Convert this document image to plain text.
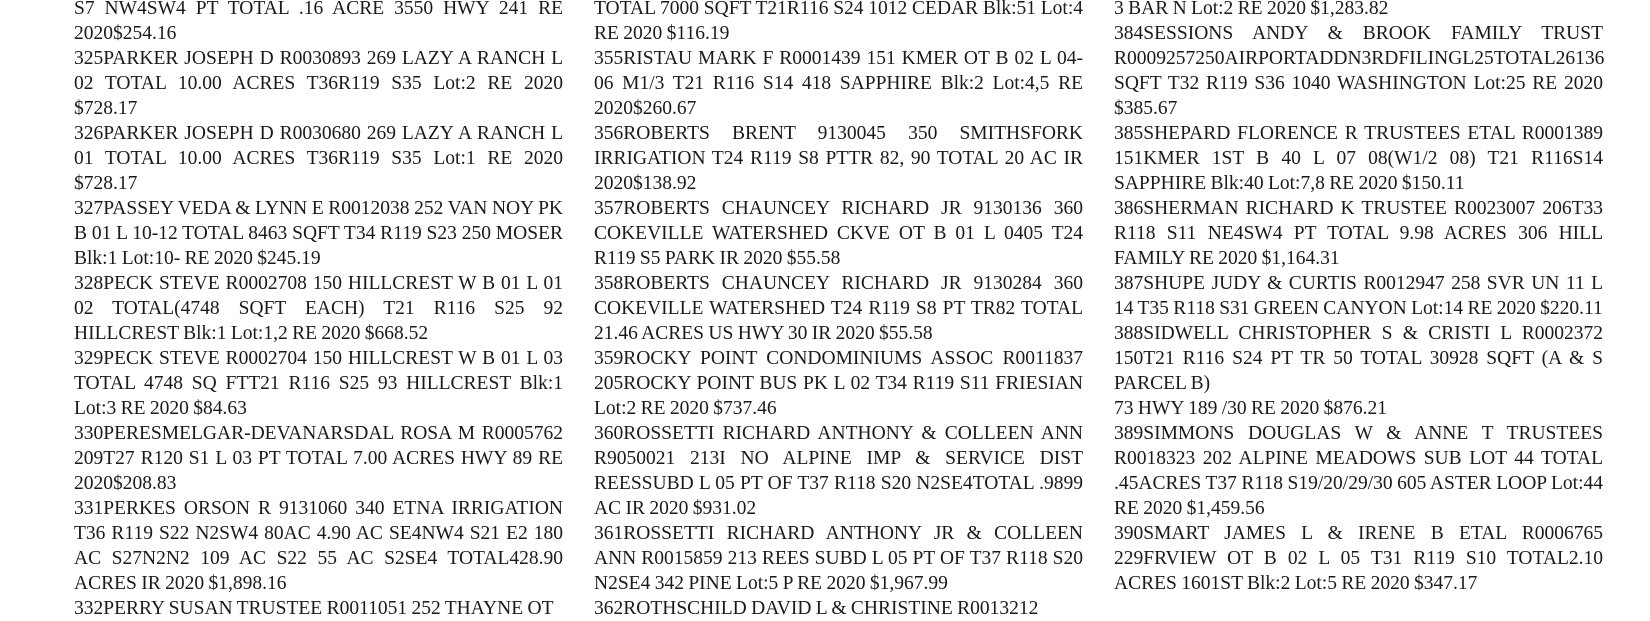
S7 NW4SW4 PT TOTAL .16 ACRE 3550 HWY 241 RE 2020$254.16

325PARKER JOSEPH D R0030893 269 LAZY A RANCH L 02 TOTAL 10.00 ACRES T36R119 S35 Lot:2 RE 2020 $728.17

326PARKER JOSEPH D R0030680 269 LAZY A RANCH L 01 TOTAL 10.00 ACRES T36R119 S35 Lot:1 RE 2020 $728.17

327PASSEY VEDA & LYNN E R0012038 252 VAN NOY PK B 01 L 10-12 TOTAL 8463 SQFT T34 R119 S23 250 MOSER Blk:1 Lot:10- RE 2020 $245.19

328PECK STEVE R0002708 150 HILLCREST W B 01 L 01 02 TOTAL(4748 SQFT EACH) T21 R116 S25 92 HILLCREST Blk:1 Lot:1,2 RE 2020 $668.52

329PECK STEVE R0002704 150 HILLCREST W B 01 L 03 TOTAL 4748 SQ FTT21 R116 S25 93 HILLCREST Blk:1 Lot:3 RE 2020 $84.63

330PERESMELGAR-DEVANARSDAL ROSA M R0005762 209T27 R120 S1 L 03 PT TOTAL 7.00 ACRES HWY 89 RE 2020$208.83

331PERKES ORSON R 9131060 340 ETNA IRRIGATION T36 R119 S22 N2SW4 80AC 4.90 AC SE4NW4 S21 E2 180 AC S27N2N2 109 AC S22 55 AC S2SE4 TOTAL428.90 ACRES IR 2020 $1,898.16

332PERRY SUSAN TRUSTEE R0011051 252 THAYNE OT

TOTAL 7000 SQFT T21R116 S24 1012 CEDAR Blk:51 Lot:4 RE 2020 $116.19

355RISTAU MARK F R0001439 151 KMER OT B 02 L 04-06 M1/3 T21 R116 S14 418 SAPPHIRE Blk:2 Lot:4,5 RE 2020$260.67

356ROBERTS BRENT 9130045 350 SMITHSFORK IRRIGATION T24 R119 S8 PTTR 82, 90 TOTAL 20 AC IR 2020$138.92

357ROBERTS CHAUNCEY RICHARD JR 9130136 360 COKEVILLE WATERSHED CKVE OT B 01 L 0405 T24 R119 S5 PARK IR 2020 $55.58

358ROBERTS CHAUNCEY RICHARD JR 9130284 360 COKEVILLE WATERSHED T24 R119 S8 PT TR82 TOTAL 21.46 ACRES US HWY 30 IR 2020 $55.58

359ROCKY POINT CONDOMINIUMS ASSOC R0011837 205ROCKY POINT BUS PK L 02 T34 R119 S11 FRIESIAN Lot:2 RE 2020 $737.46

360ROSSETTI RICHARD ANTHONY & COLLEEN ANN R9050021 213I NO ALPINE IMP & SERVICE DIST REESSUBD L 05 PT OF T37 R118 S20 N2SE4TOTAL .9899 AC IR 2020 $931.02

361ROSSETTI RICHARD ANTHONY JR & COLLEEN ANN R0015859 213 REES SUBD L 05 PT OF T37 R118 S20 N2SE4 342 PINE Lot:5 P RE 2020 $1,967.99

362ROTHSCHILD DAVID L & CHRISTINE R0013212

3 BAR N Lot:2 RE 2020 $1,283.82

384SESSIONS ANDY & BROOK FAMILY TRUST R0009257250AIRPORTADDN3RDFILINGL25TOTAL26136 SQFT T32 R119 S36 1040 WASHINGTON Lot:25 RE 2020 $385.67

385SHEPARD FLORENCE R TRUSTEES ETAL R0001389 151KMER 1ST B 40 L 07 08(W1/2 08) T21 R116S14 SAPPHIRE Blk:40 Lot:7,8 RE 2020 $150.11

386SHERMAN RICHARD K TRUSTEE R0023007 206T33 R118 S11 NE4SW4 PT TOTAL 9.98 ACRES 306 HILL FAMILY RE 2020 $1,164.31

387SHUPE JUDY & CURTIS R0012947 258 SVR UN 11 L 14 T35 R118 S31 GREEN CANYON Lot:14 RE 2020 $220.11

388SIDWELL CHRISTOPHER S & CRISTI L R0002372 150T21 R116 S24 PT TR 50 TOTAL 30928 SQFT (A & S PARCEL B)

73 HWY 189 /30 RE 2020 $876.21

389SIMMONS DOUGLAS W & ANNE T TRUSTEES R0018323 202 ALPINE MEADOWS SUB LOT 44 TOTAL .45ACRES T37 R118 S19/20/29/30 605 ASTER LOOP Lot:44 RE 2020 $1,459.56

390SMART JAMES L & IRENE B ETAL R0006765 229FRVIEW OT B 02 L 05 T31 R119 S10 TOTAL2.10 ACRES 1601ST Blk:2 Lot:5 RE 2020 $347.17
